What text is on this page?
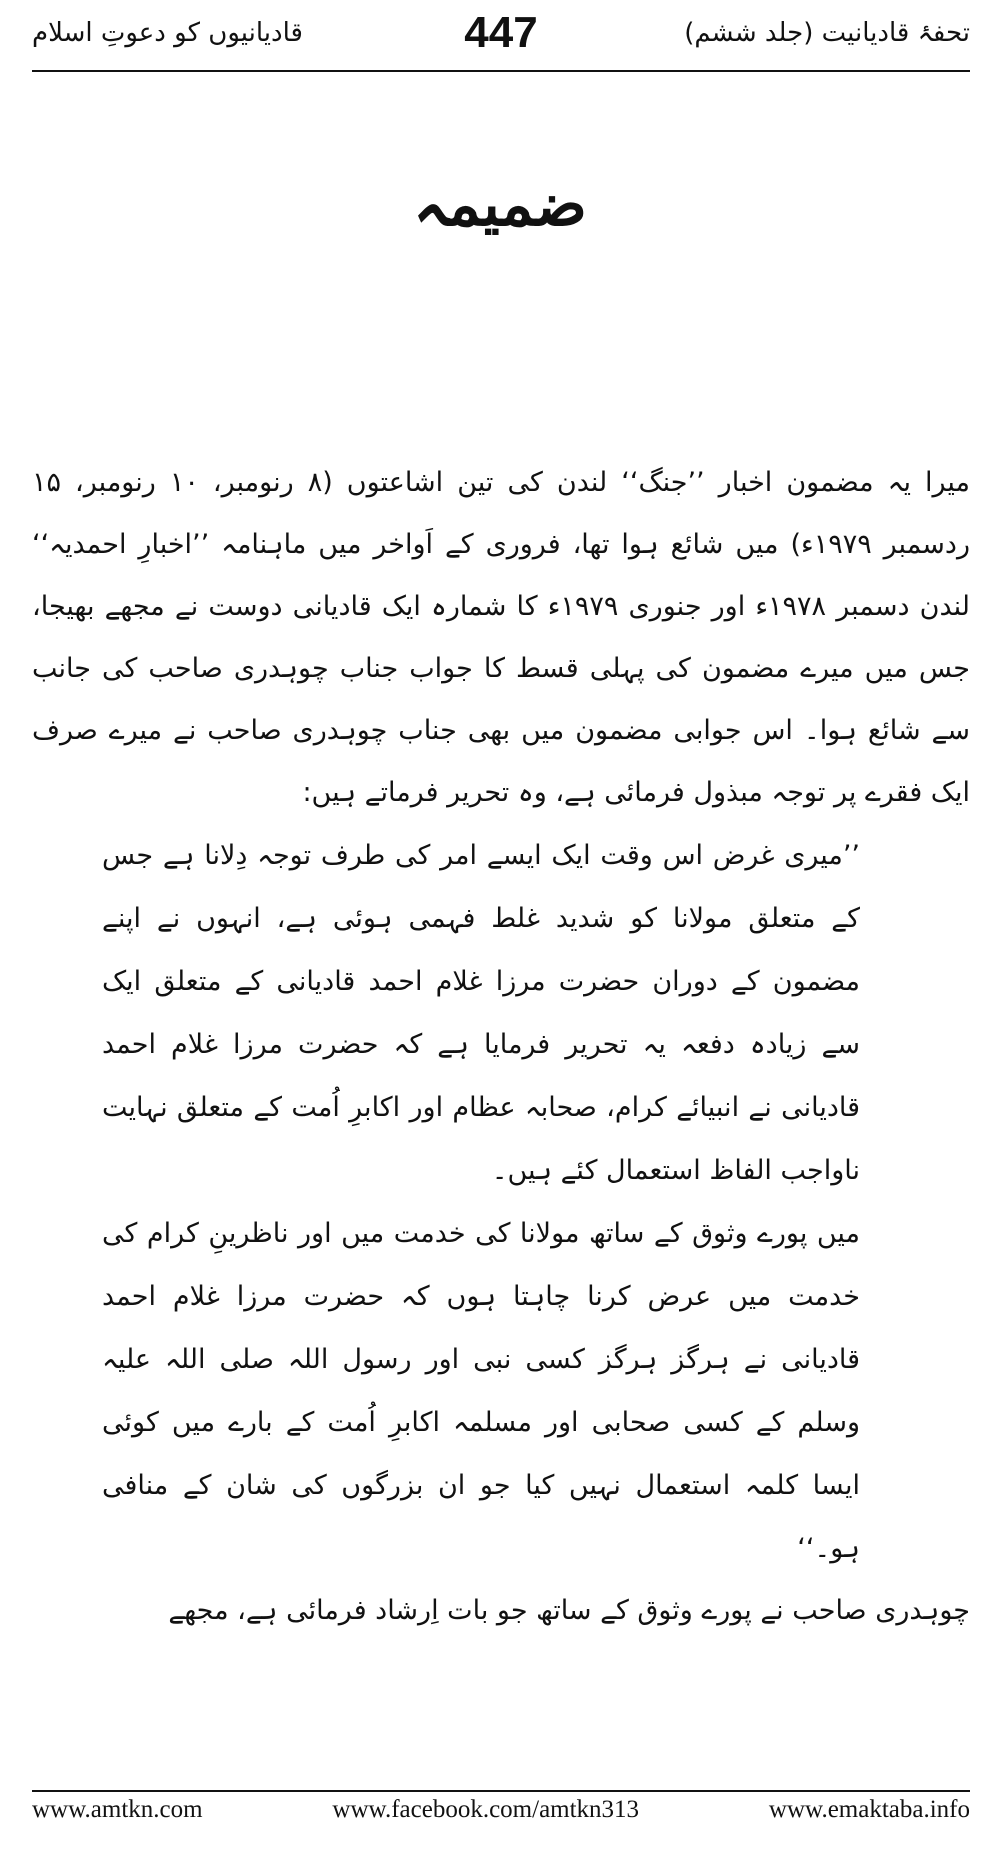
قادیانیوں کو دعوتِ اسلام	447	تحفۂ قادیانیت (جلد ششم)
ضمیمہ

میرا یہ مضمون اخبار ’’جنگ‘‘ لندن کی تین اشاعتوں (۸ رنومبر، ۱۰ رنومبر، ۱۵ ردسمبر ۱۹۷۹ء) میں شائع ہوا تھا، فروری کے اَواخر میں ماہنامہ ’’اخبارِ احمدیہ‘‘ لندن دسمبر ۱۹۷۸ء اور جنوری ۱۹۷۹ء کا شمارہ ایک قادیانی دوست نے مجھے بھیجا، جس میں میرے مضمون کی پہلی قسط کا جواب جناب چوہدری صاحب کی جانب سے شائع ہوا۔ اس جوابی مضمون میں بھی جناب چوہدری صاحب نے میرے صرف ایک فقرے پر توجہ مبذول فرمائی ہے، وہ تحریر فرماتے ہیں:

’’میری غرض اس وقت ایک ایسے امر کی طرف توجہ دِلانا ہے جس کے متعلق مولانا کو شدید غلط فہمی ہوئی ہے، انہوں نے اپنے مضمون کے دوران حضرت مرزا غلام احمد قادیانی کے متعلق ایک سے زیادہ دفعہ یہ تحریر فرمایا ہے کہ حضرت مرزا غلام احمد قادیانی نے انبیائے کرام، صحابہ عظام اور اکابرِ اُمت کے متعلق نہایت ناواجب الفاظ استعمال کئے ہیں۔

میں پورے وثوق کے ساتھ مولانا کی خدمت میں اور ناظرینِ کرام کی خدمت میں عرض کرنا چاہتا ہوں کہ حضرت مرزا غلام احمد قادیانی نے ہرگز ہرگز کسی نبی اور رسول اللہ صلی اللہ علیہ وسلم کے کسی صحابی اور مسلمہ اکابرِ اُمت کے بارے میں کوئی ایسا کلمہ استعمال نہیں کیا جو ان بزرگوں کی شان کے منافی ہو۔‘‘

چوہدری صاحب نے پورے وثوق کے ساتھ جو بات اِرشاد فرمائی ہے، مجھے

www.amtkn.com	www.facebook.com/amtkn313	www.emaktaba.info
